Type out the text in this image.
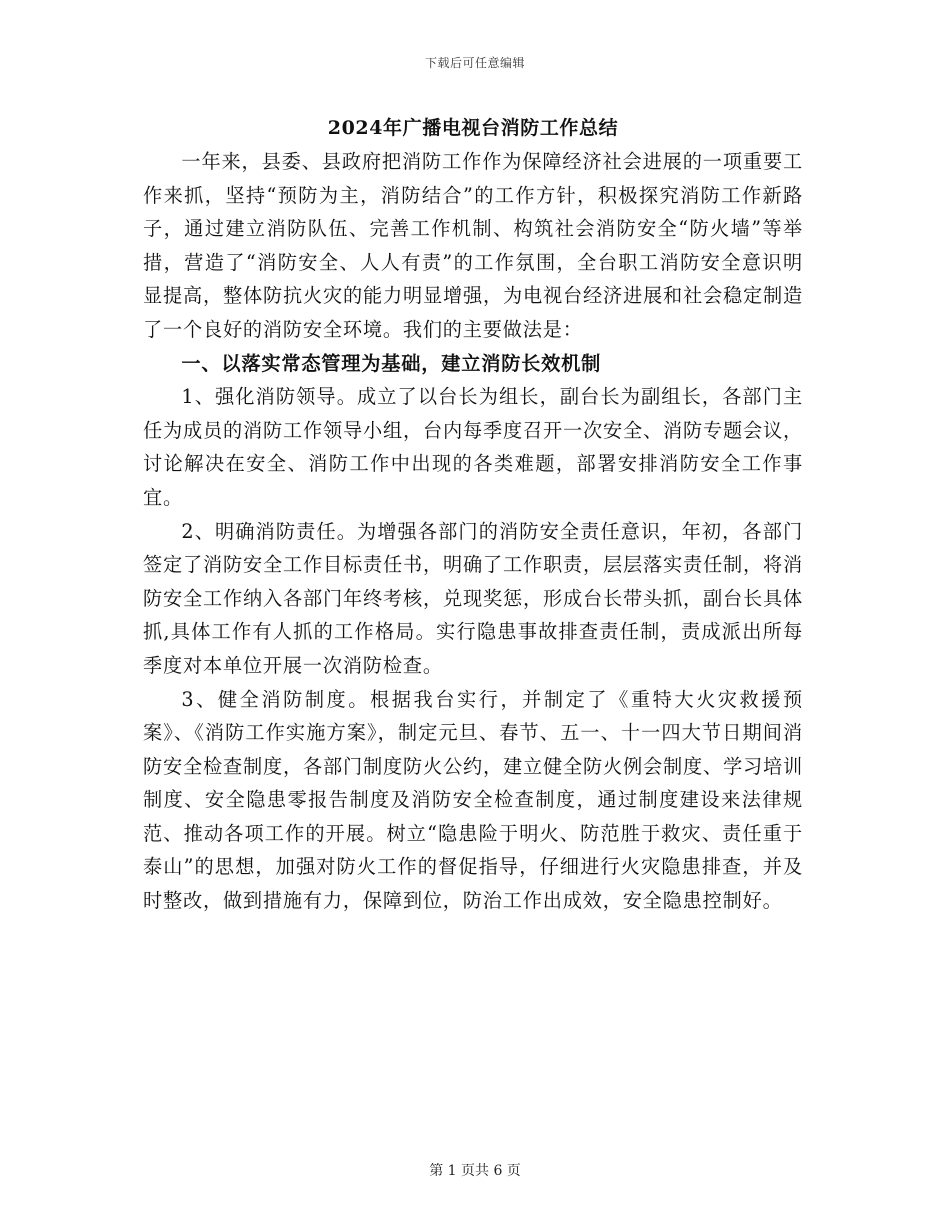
下载后可任意编辑
2024年广播电视台消防工作总结

一年来，县委、县政府把消防工作作为保障经济社会进展的一项重要工作来抓，坚持“预防为主，消防结合”的工作方针，积极探究消防工作新路子，通过建立消防队伍、完善工作机制、构筑社会消防安全“防火墙”等举措，营造了“消防安全、人人有责”的工作氛围，全台职工消防安全意识明显提高，整体防抗火灾的能力明显增强，为电视台经济进展和社会稳定制造了一个良好的消防安全环境。我们的主要做法是：

一、以落实常态管理为基础，建立消防长效机制

1、强化消防领导。成立了以台长为组长，副台长为副组长，各部门主任为成员的消防工作领导小组，台内每季度召开一次安全、消防专题会议，讨论解决在安全、消防工作中出现的各类难题，部署安排消防安全工作事宜。

2、明确消防责任。为增强各部门的消防安全责任意识，年初，各部门签定了消防安全工作目标责任书，明确了工作职责，层层落实责任制，将消防安全工作纳入各部门年终考核，兑现奖惩，形成台长带头抓，副台长具体抓,具体工作有人抓的工作格局。实行隐患事故排查责任制，责成派出所每季度对本单位开展一次消防检查。

3、健全消防制度。根据我台实行，并制定了《重特大火灾救援预案》、《消防工作实施方案》，制定元旦、春节、五一、十一四大节日期间消防安全检查制度，各部门制度防火公约，建立健全防火例会制度、学习培训制度、安全隐患零报告制度及消防安全检查制度，通过制度建设来法律规范、推动各项工作的开展。树立“隐患险于明火、防范胜于救灾、责任重于泰山”的思想，加强对防火工作的督促指导，仔细进行火灾隐患排查，并及时整改，做到措施有力，保障到位，防治工作出成效，安全隐患控制好。

第 1 页共 6 页
